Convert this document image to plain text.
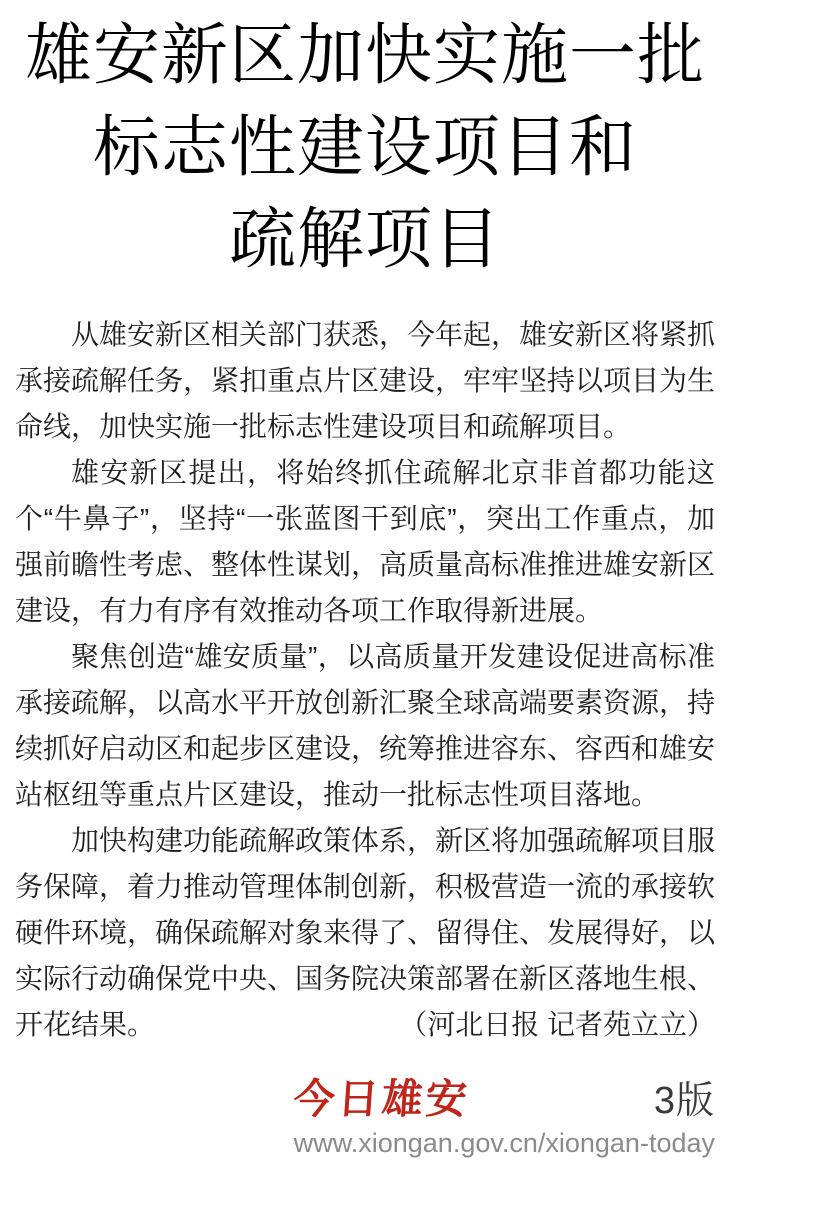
雄安新区加快实施一批
标志性建设项目和
疏解项目

从雄安新区相关部门获悉，今年起，雄安新区将紧抓承接疏解任务，紧扣重点片区建设，牢牢坚持以项目为生命线，加快实施一批标志性建设项目和疏解项目。

雄安新区提出，将始终抓住疏解北京非首都功能这个“牛鼻子”，坚持“一张蓝图干到底”，突出工作重点，加强前瞻性考虑、整体性谋划，高质量高标准推进雄安新区建设，有力有序有效推动各项工作取得新进展。

聚焦创造“雄安质量”，以高质量开发建设促进高标准承接疏解，以高水平开放创新汇聚全球高端要素资源，持续抓好启动区和起步区建设，统筹推进容东、容西和雄安站枢纽等重点片区建设，推动一批标志性项目落地。

加快构建功能疏解政策体系，新区将加强疏解项目服务保障，着力推动管理体制创新，积极营造一流的承接软硬件环境，确保疏解对象来得了、留得住、发展得好，以实际行动确保党中央、国务院决策部署在新区落地生根、开花结果。	（河北日报 记者苑立立）

今日雄安	3版
www.xiongan.gov.cn/xiongan-today
